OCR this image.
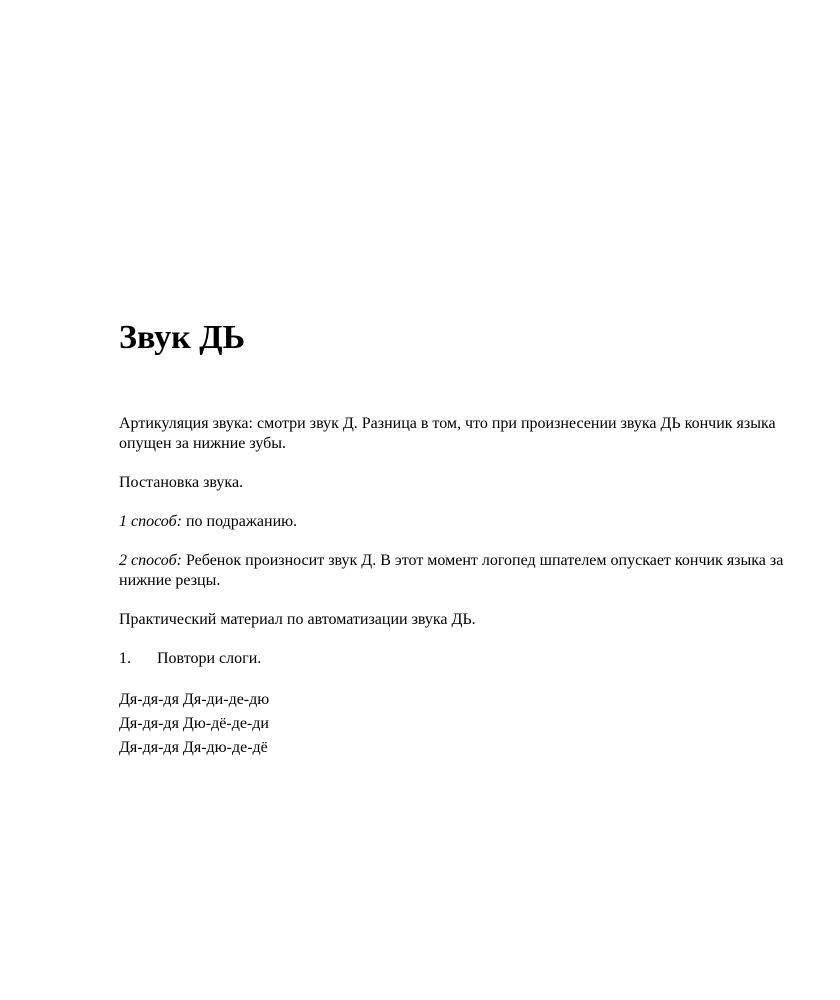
Звук ДЬ

Артикуляция звука: смотри звук Д. Разница в том, что при произнесении звука ДЬ кончик языка опущен за нижние зубы.

Постановка звука.

1 способ: по подражанию.

2 способ: Ребенок произносит звук Д. В этот момент логопед шпателем опускает кончик языка за нижние резцы.

Практический материал по автоматизации звука ДЬ.

1.	Повтори слоги.

Дя-дя-дя Дя-ди-де-дю

Дя-дя-дя Дю-дё-де-ди

Дя-дя-дя Дя-дю-де-дё
